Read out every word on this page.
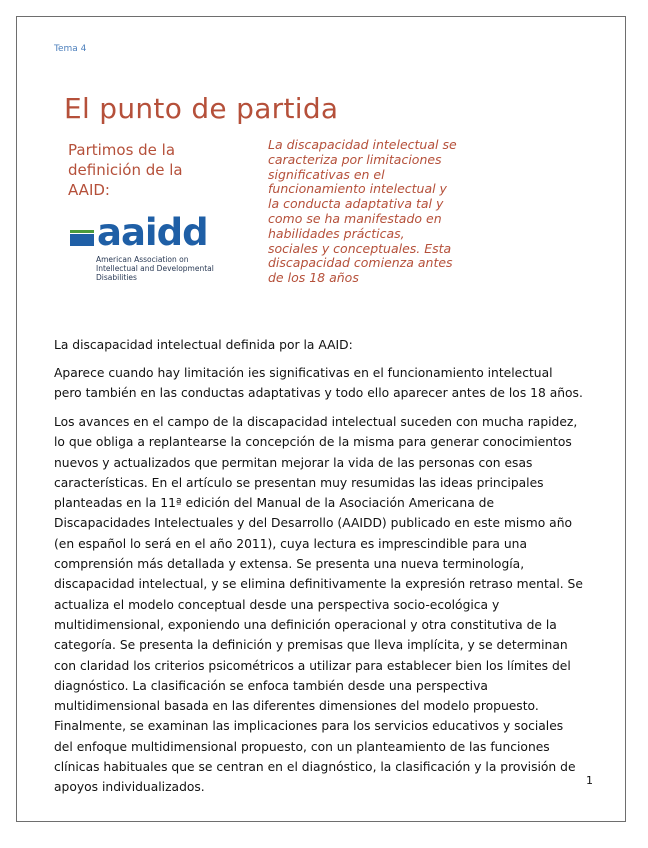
Tema 4
El punto de partida
Partimos de la definición de la AAID:
aaidd
American Association on Intellectual and Developmental Disabilities
La discapacidad intelectual se caracteriza por limitaciones significativas en el funcionamiento intelectual y la conducta adaptativa tal y como se ha manifestado en habilidades prácticas, sociales y conceptuales. Esta discapacidad comienza antes de los 18 años
La discapacidad intelectual definida por la AAID:
Aparece cuando hay limitación ies significativas en el funcionamiento intelectual pero también en las conductas adaptativas y todo ello aparecer antes de los 18 años.
Los avances en el campo de la discapacidad intelectual suceden con mucha rapidez, lo que obliga a replantearse la concepción de la misma para generar conocimientos nuevos y actualizados que permitan mejorar la vida de las personas con esas características. En el artículo se presentan muy resumidas las ideas principales planteadas en la 11ª edición del Manual de la Asociación Americana de Discapacidades Intelectuales y del Desarrollo (AAIDD) publicado en este mismo año (en español lo será en el año 2011), cuya lectura es imprescindible para una comprensión más detallada y extensa. Se presenta una nueva terminología, discapacidad intelectual, y se elimina definitivamente la expresión retraso mental. Se actualiza el modelo conceptual desde una perspectiva socio-ecológica y multidimensional, exponiendo una definición operacional y otra constitutiva de la categoría. Se presenta la definición y premisas que lleva implícita, y se determinan con claridad los criterios psicométricos a utilizar para establecer bien los límites del diagnóstico. La clasificación se enfoca también desde una perspectiva multidimensional basada en las diferentes dimensiones del modelo propuesto. Finalmente, se examinan las implicaciones para los servicios educativos y sociales del enfoque multidimensional propuesto, con un planteamiento de las funciones clínicas habituales que se centran en el diagnóstico, la clasificación y la provisión de apoyos individualizados.	1
